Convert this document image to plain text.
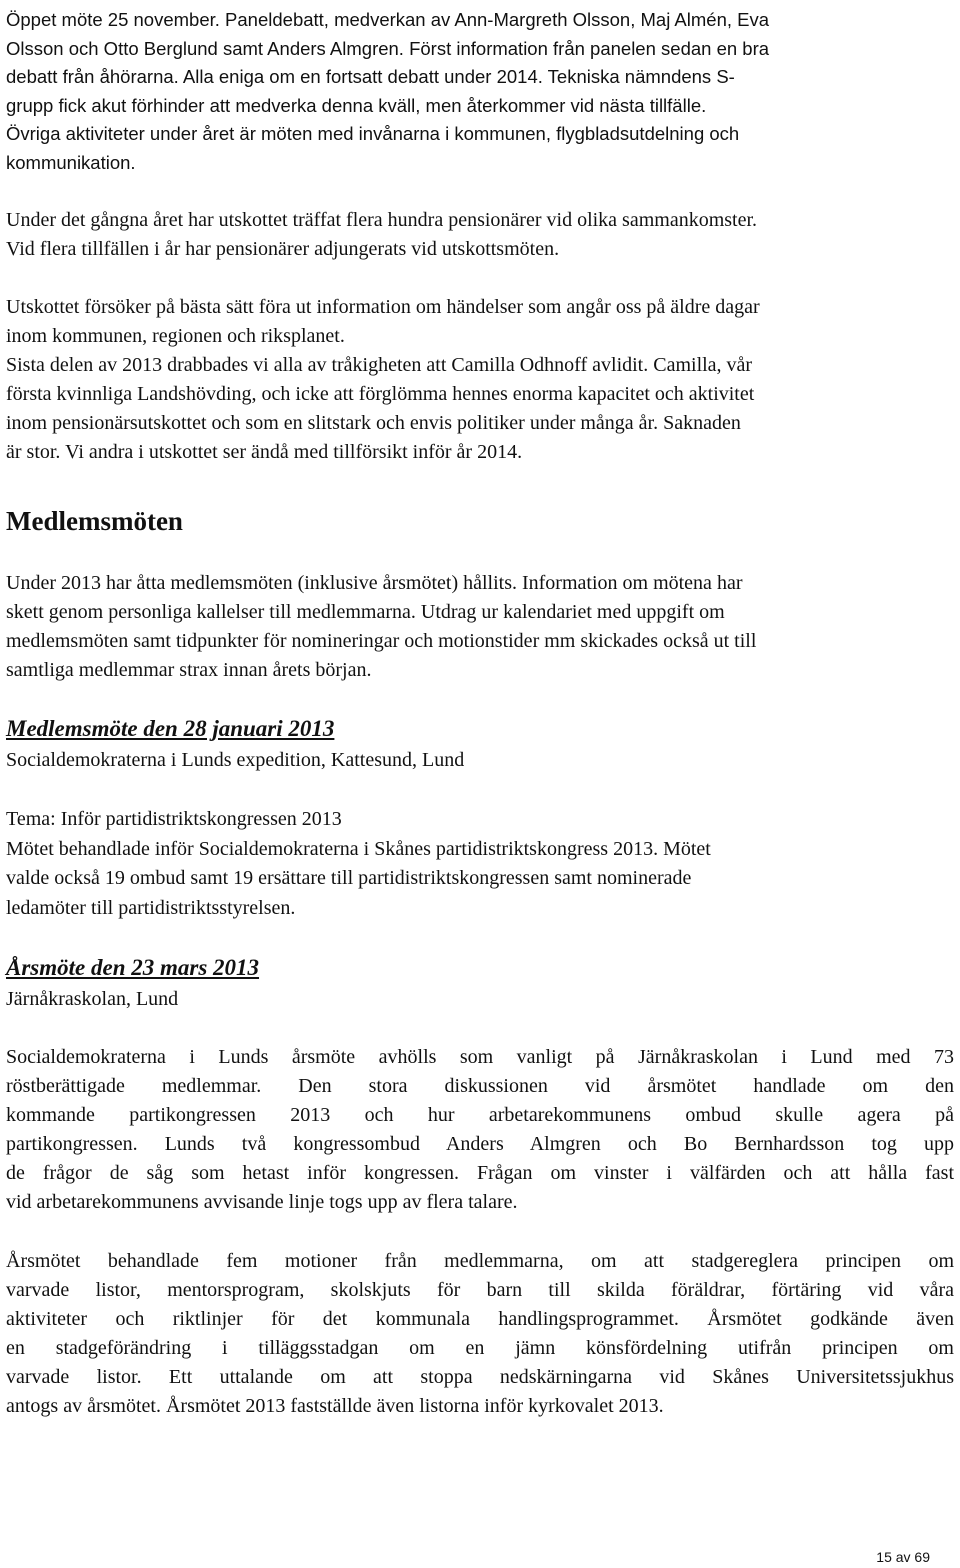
Öppet möte 25 november. Paneldebatt, medverkan av Ann-Margreth Olsson, Maj Almén, Eva

Olsson och Otto Berglund samt Anders Almgren. Först information från panelen sedan en bra

debatt från åhörarna. Alla eniga om en fortsatt debatt under 2014. Tekniska nämndens S-

grupp fick akut förhinder att medverka denna kväll, men återkommer vid nästa tillfälle.

Övriga aktiviteter under året är möten med invånarna i kommunen, flygbladsutdelning och

kommunikation.

Under det gångna året har utskottet träffat flera hundra pensionärer vid olika sammankomster.

Vid flera tillfällen i år har pensionärer adjungerats vid utskottsmöten.

Utskottet försöker på bästa sätt föra ut information om händelser som angår oss på äldre dagar

inom kommunen, regionen och riksplanet.

Sista delen av 2013 drabbades vi alla av tråkigheten att Camilla Odhnoff avlidit. Camilla, vår

första kvinnliga Landshövding, och icke att förglömma hennes enorma kapacitet och aktivitet

inom pensionärsutskottet och som en slitstark och envis politiker under många år. Saknaden

är stor. Vi andra i utskottet ser ändå med tillförsikt inför år 2014.

Medlemsmöten

Under 2013 har åtta medlemsmöten (inklusive årsmötet) hållits. Information om mötena har

skett genom personliga kallelser till medlemmarna. Utdrag ur kalendariet med uppgift om

medlemsmöten samt tidpunkter för nomineringar och motionstider mm skickades också ut till

samtliga medlemmar strax innan årets början.

Medlemsmöte den 28 januari 2013

Socialdemokraterna i Lunds expedition, Kattesund, Lund

Tema: Inför partidistriktskongressen 2013

Mötet behandlade inför Socialdemokraterna i Skånes partidistriktskongress 2013. Mötet

valde också 19 ombud samt 19 ersättare till partidistriktskongressen samt nominerade

ledamöter till partidistriktsstyrelsen.

Årsmöte den 23 mars 2013

Järnåkraskolan, Lund

Socialdemokraterna i Lunds årsmöte avhölls som vanligt på Järnåkraskolan i Lund med 73

röstberättigade medlemmar. Den stora diskussionen vid årsmötet handlade om den

kommande partikongressen 2013 och hur arbetarekommunens ombud skulle agera på

partikongressen. Lunds två kongressombud Anders Almgren och Bo Bernhardsson tog upp

de frågor de såg som hetast inför kongressen. Frågan om vinster i välfärden och att hålla fast

vid arbetarekommunens avvisande linje togs upp av flera talare.

Årsmötet behandlade fem motioner från medlemmarna, om att stadgereglera principen om

varvade listor, mentorsprogram, skolskjuts för barn till skilda föräldrar, förtäring vid våra

aktiviteter och riktlinjer för det kommunala handlingsprogrammet. Årsmötet godkände även

en stadgeförändring i tilläggsstadgan om en jämn könsfördelning utifrån principen om

varvade listor. Ett uttalande om att stoppa nedskärningarna vid Skånes Universitetssjukhus

antogs av årsmötet. Årsmötet 2013 fastställde även listorna inför kyrkovalet 2013.

15 av 69
